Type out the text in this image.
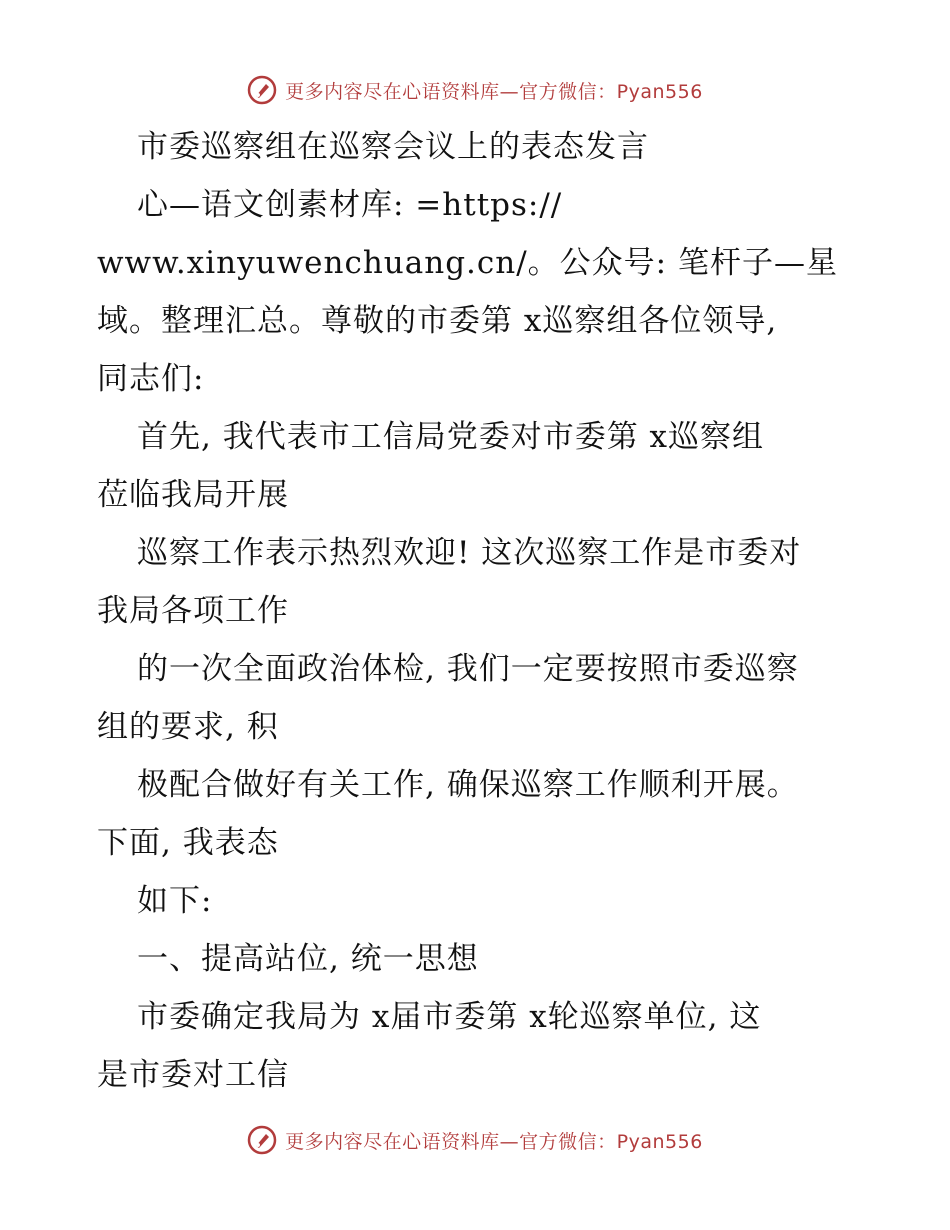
更多内容尽在心语资料库—官方微信：Pyan556
市委巡察组在巡察会议上的表态发言
心—语文创素材库: =https://
www.xinyuwenchuang.cn/。公众号: 笔杆子—星
域。整理汇总。尊敬的市委第 x巡察组各位领导,
同志们:
首先, 我代表市工信局党委对市委第 x巡察组
莅临我局开展
巡察工作表示热烈欢迎! 这次巡察工作是市委对
我局各项工作
的一次全面政治体检, 我们一定要按照市委巡察
组的要求, 积
极配合做好有关工作, 确保巡察工作顺利开展。
下面, 我表态
如下:
一、提高站位, 统一思想
市委确定我局为 x届市委第 x轮巡察单位, 这
是市委对工信
更多内容尽在心语资料库—官方微信：Pyan556
